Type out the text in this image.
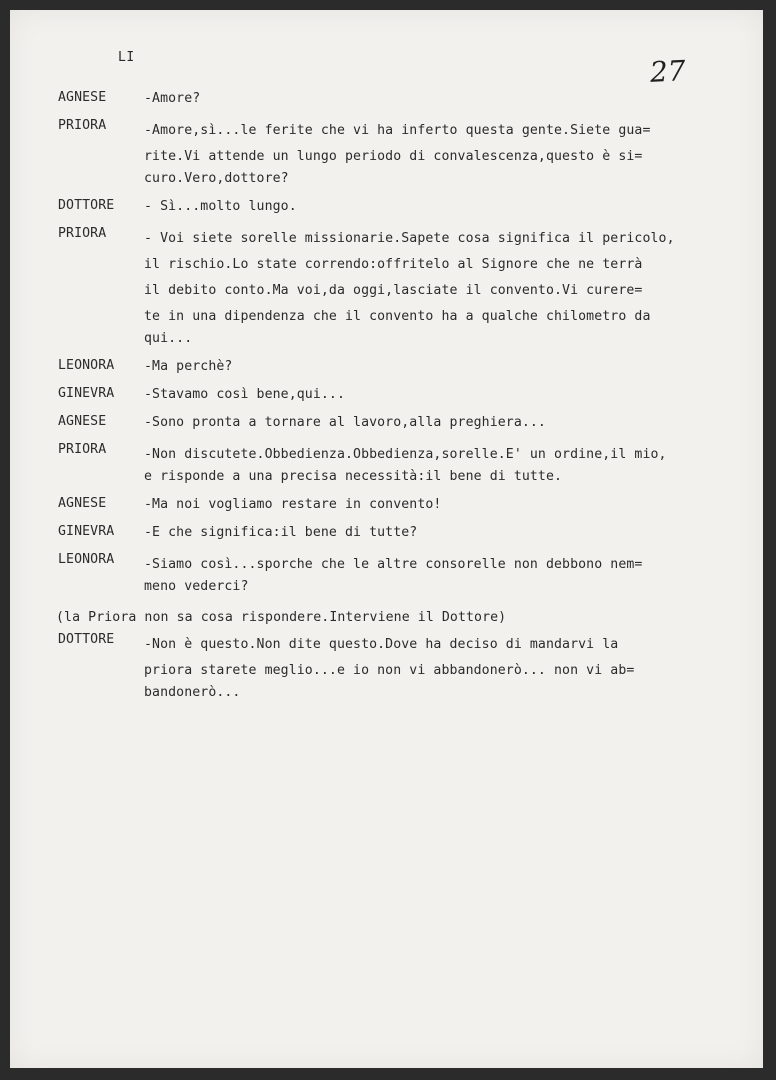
LI	27
AGNESE	-Amore?
PRIORA	-Amore,sì...le ferite che vi ha inferto questa gente.Siete gua=
rite.Vi attende un lungo periodo di convalescenza,questo è si=
curo.Vero,dottore?
DOTTORE	- Sì...molto lungo.
PRIORA	- Voi siete sorelle missionarie.Sapete cosa significa il pericolo,
il rischio.Lo state correndo:offritelo al Signore che ne terrà
il debito conto.Ma voi,da oggi,lasciate il convento.Vi curere=
te in una dipendenza che il convento ha a qualche chilometro da
qui...
LEONORA	-Ma perchè?
GINEVRA	-Stavamo così bene,qui...
AGNESE	-Sono pronta a tornare al lavoro,alla preghiera...
PRIORA	-Non discutete.Obbedienza.Obbedienza,sorelle.E' un ordine,il mio,
e risponde a una precisa necessità:il bene di tutte.
AGNESE	-Ma noi vogliamo restare in convento!
GINEVRA	-E che significa:il bene di tutte?
LEONORA	-Siamo così...sporche che le altre consorelle non debbono nem=
meno vederci?
(la Priora non sa cosa rispondere.Interviene il Dottore)
DOTTORE	-Non è questo.Non dite questo.Dove ha deciso di mandarvi la
priora starete meglio...e io non vi abbandonerò... non vi ab=
bandonerò...
